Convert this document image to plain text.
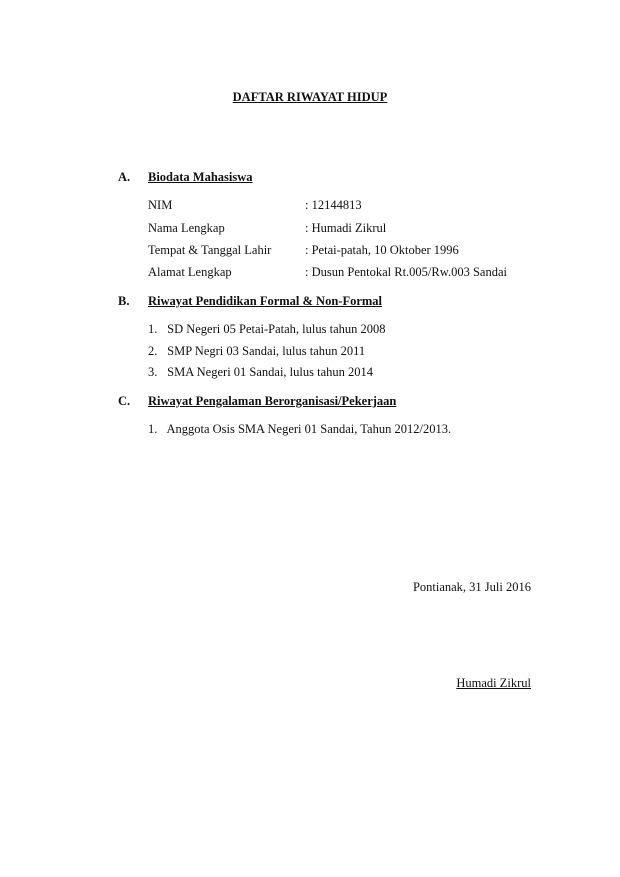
DAFTAR RIWAYAT HIDUP
A. Biodata Mahasiswa
NIM	: 12144813
Nama Lengkap	: Humadi Zikrul
Tempat & Tanggal Lahir	: Petai-patah, 10 Oktober 1996
Alamat Lengkap	: Dusun Pentokal Rt.005/Rw.003 Sandai
B. Riwayat Pendidikan Formal & Non-Formal
1. SD Negeri 05 Petai-Patah, lulus tahun 2008
2. SMP Negri 03 Sandai, lulus tahun 2011
3. SMA Negeri 01 Sandai, lulus tahun 2014
C. Riwayat Pengalaman Berorganisasi/Pekerjaan
1. Anggota Osis SMA Negeri 01 Sandai, Tahun 2012/2013.
Pontianak, 31 Juli 2016
Humadi Zikrul
